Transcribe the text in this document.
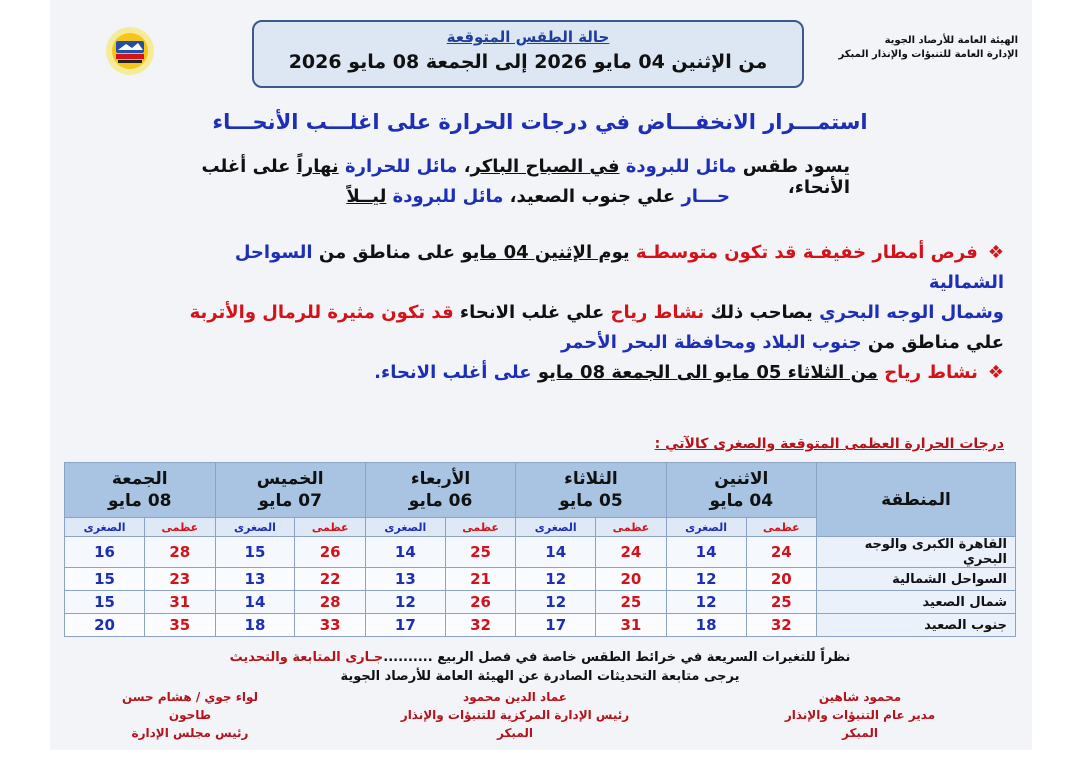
الهيئة العامة للأرصاد الجوية
الإدارة العامة للتنبؤات والإنذار المبكر
حالة الطقس المتوقعة
من الإثنين 04 مايو 2026 إلى الجمعة 08 مايو 2026
استمـــرار الانخفـــاض في درجات الحرارة على اغلـــب الأنحـــاء
يسود طقس مائل للبرودة في الصباح الباكر، مائل للحرارة نهاراً على أغلب الأنحاء،
حـــار علي جنوب الصعيد، مائل للبرودة ليــلاً
❖فرص أمطار خفيفـة قد تكون متوسطـة يوم الإثنين 04 مايو على مناطق من السواحل الشمالية
وشمال الوجه البحري يصاحب ذلك نشاط رياح علي غلب الانحاء قد تكون مثيرة للرمال والأتربة
علي مناطق من جنوب البلاد ومحافظة البحر الأحمر
❖نشاط رياح من الثلاثاء 05 مايو الى الجمعة 08 مايو على أغلب الانحاء.
درجات الحرارة العظمى المتوقعة والصغرى كالآتي :
المنطقة	الاثنين
04 مايو		الثلاثاء
05 مايو		الأربعاء
06 مايو		الخميس
07 مايو		الجمعة
08 مايو	
	عظمى	الصغرى	عظمى	الصغرى	عظمى	الصغرى	عظمى	الصغرى	عظمى	الصغرى
القاهرة الكبرى والوجه البحري	24	14	24	14	25	14	26	15	28	16
السواحل الشمالية	20	12	20	12	21	13	22	13	23	15
شمال الصعيد	25	12	25	12	26	12	28	14	31	15
جنوب الصعيد	32	18	31	17	32	17	33	18	35	20
نظراً للتغيرات السريعة في خرائط الطقس خاصة في فصل الربيع ..........جـارى المتابعة والتحديث
يرجى متابعة التحديثات الصادرة عن الهيئة العامة للأرصاد الجوية
محمود شاهين
مدير عام التنبؤات والإنذار المبكر
عماد الدين محمود
رئيس الإدارة المركزية للتنبؤات والإنذار المبكر
لواء جوي / هشام حسن طاحون
رئيس مجلس الإدارة
